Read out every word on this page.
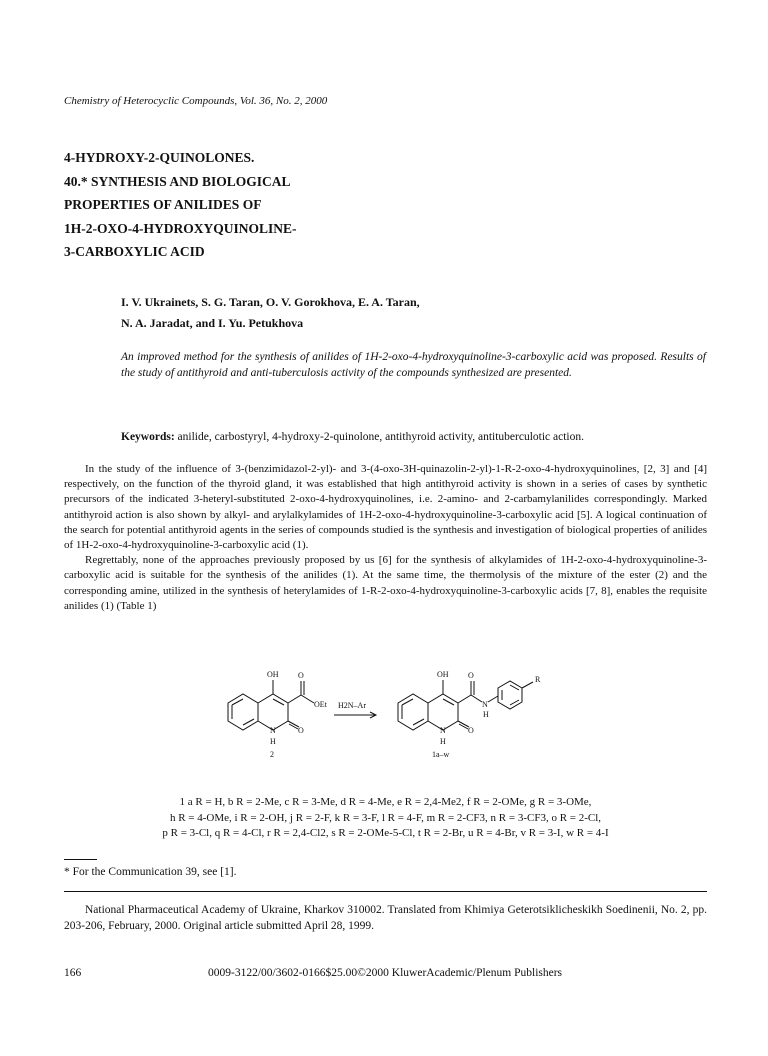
Chemistry of Heterocyclic Compounds, Vol. 36, No. 2, 2000
4-HYDROXY-2-QUINOLONES.
40.* SYNTHESIS AND BIOLOGICAL
PROPERTIES OF ANILIDES OF
1H-2-OXO-4-HYDROXYQUINOLINE-
3-CARBOXYLIC ACID

I. V. Ukrainets, S. G. Taran, O. V. Gorokhova, E. A. Taran,
N. A. Jaradat, and I. Yu. Petukhova

An improved method for the synthesis of anilides of 1H-2-oxo-4-hydroxyquinoline-3-carboxylic acid was proposed. Results of the study of antithyroid and anti-tuberculosis activity of the compounds synthesized are presented.

Keywords: anilide, carbostyryl, 4-hydroxy-2-quinolone, antithyroid activity, antituberculotic action.

In the study of the influence of 3-(benzimidazol-2-yl)- and 3-(4-oxo-3H-quinazolin-2-yl)-1-R-2-oxo-4-hydroxyquinolines, [2, 3] and [4] respectively, on the function of the thyroid gland, it was established that high antithyroid activity is shown in a series of cases by synthetic precursors of the indicated 3-heteryl-substituted 2-oxo-4-hydroxyquinolines, i.e. 2-amino- and 2-carbamylanilides correspondingly. Marked antithyroid action is also shown by alkyl- and arylalkylamides of 1H-2-oxo-4-hydroxyquinoline-3-carboxylic acid [5]. A logical continuation of the search for potential antithyroid agents in the series of compounds studied is the synthesis and investigation of biological properties of anilides of 1H-2-oxo-4-hydroxyquinoline-3-carboxylic acid (1).

Regrettably, none of the approaches previously proposed by us [6] for the synthesis of alkylamides of 1H-2-oxo-4-hydroxyquinoline-3-carboxylic acid is suitable for the synthesis of the anilides (1). At the same time, the thermolysis of the mixture of the ester (2) and the corresponding amine, utilized in the synthesis of heterylamides of 1-R-2-oxo-4-hydroxyquinoline-3-carboxylic acids [7, 8], enables the requisite anilides (1) (Table 1)

OH O
OEt
O
N
H
2
H2N–Ar
OH O
N
H
R
O
N
H
1a–w

1 a R = H, b R = 2-Me, c R = 3-Me, d R = 4-Me, e R = 2,4-Me2, f R = 2-OMe, g R = 3-OMe,
h R = 4-OMe, i R = 2-OH, j R = 2-F, k R = 3-F, l R = 4-F, m R = 2-CF3, n R = 3-CF3, o R = 2-Cl,
p R = 3-Cl, q R = 4-Cl, r R = 2,4-Cl2, s R = 2-OMe-5-Cl, t R = 2-Br, u R = 4-Br, v R = 3-I, w R = 4-I

* For the Communication 39, see [1].

National Pharmaceutical Academy of Ukraine, Kharkov 310002. Translated from Khimiya Geterotsiklicheskikh Soedinenii, No. 2, pp. 203-206, February, 2000. Original article submitted April 28, 1999.

166	0009-3122/00/3602-0166$25.00©2000 KluwerAcademic/Plenum Publishers
